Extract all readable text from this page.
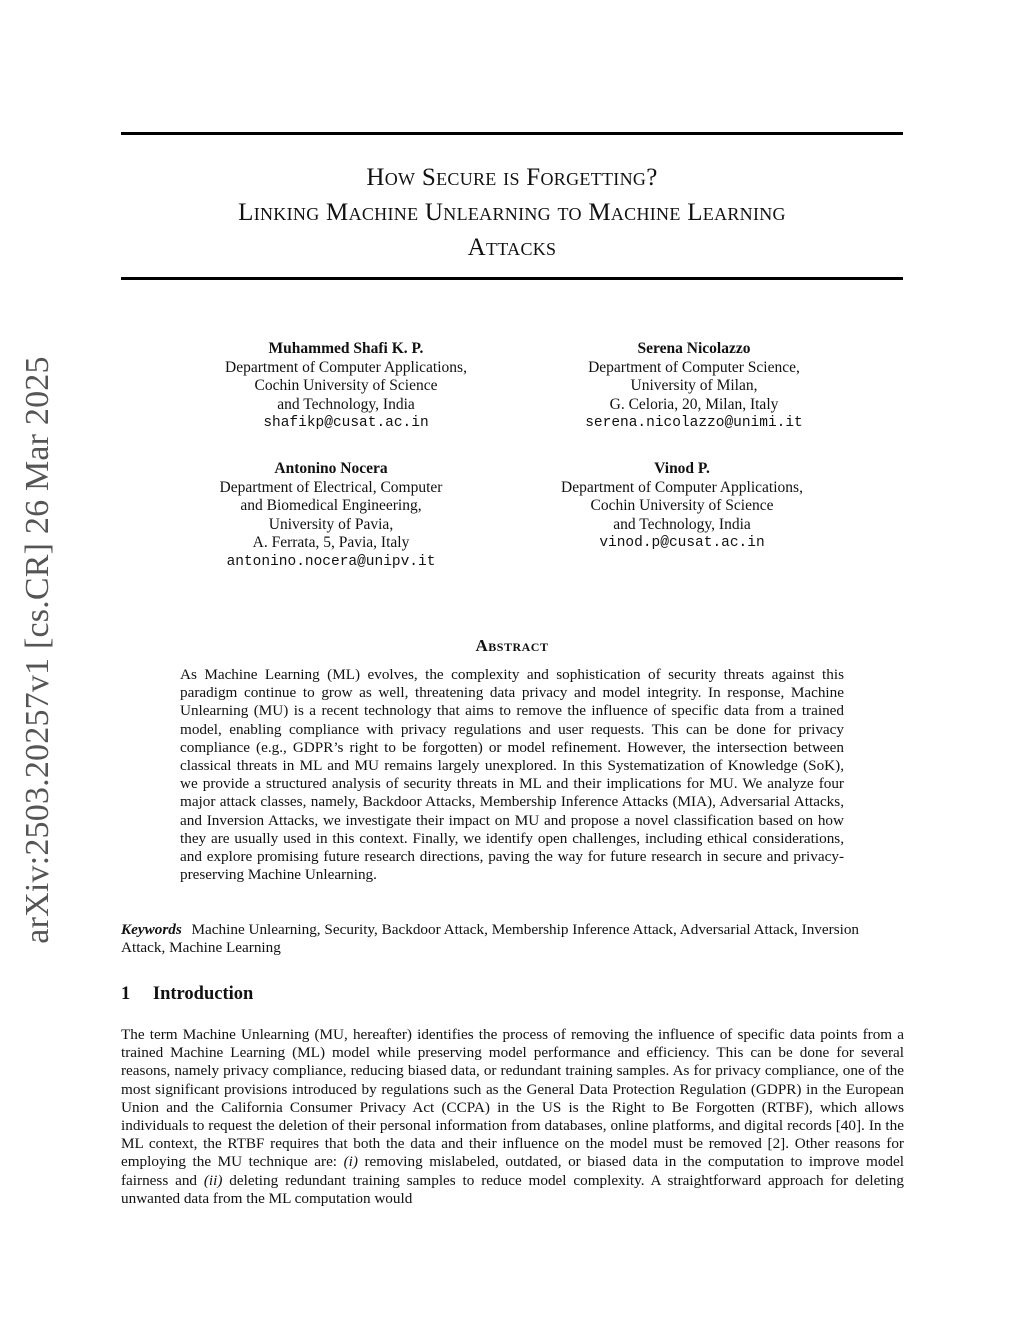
arXiv:2503.20257v1 [cs.CR] 26 Mar 2025
How Secure is Forgetting?
Linking Machine Unlearning to Machine Learning
Attacks
Muhammed Shafi K. P.
Department of Computer Applications,
Cochin University of Science
and Technology, India
shafikp@cusat.ac.in
Serena Nicolazzo
Department of Computer Science,
University of Milan,
G. Celoria, 20, Milan, Italy
serena.nicolazzo@unimi.it
Antonino Nocera
Department of Electrical, Computer
and Biomedical Engineering,
University of Pavia,
A. Ferrata, 5, Pavia, Italy
antonino.nocera@unipv.it
Vinod P.
Department of Computer Applications,
Cochin University of Science
and Technology, India
vinod.p@cusat.ac.in
Abstract
As Machine Learning (ML) evolves, the complexity and sophistication of security threats against this paradigm continue to grow as well, threatening data privacy and model integrity. In response, Machine Unlearning (MU) is a recent technology that aims to remove the influence of specific data from a trained model, enabling compliance with privacy regulations and user requests. This can be done for privacy compliance (e.g., GDPR’s right to be forgotten) or model refinement. However, the intersection between classical threats in ML and MU remains largely unexplored. In this Systematization of Knowledge (SoK), we provide a structured analysis of security threats in ML and their implications for MU. We analyze four major attack classes, namely, Backdoor Attacks, Membership Inference Attacks (MIA), Adversarial Attacks, and Inversion Attacks, we investigate their impact on MU and propose a novel classification based on how they are usually used in this context. Finally, we identify open challenges, including ethical considerations, and explore promising future research directions, paving the way for future research in secure and privacy-preserving Machine Unlearning.
Keywords Machine Unlearning, Security, Backdoor Attack, Membership Inference Attack, Adversarial Attack, Inversion Attack, Machine Learning
1 Introduction
The term Machine Unlearning (MU, hereafter) identifies the process of removing the influence of specific data points from a trained Machine Learning (ML) model while preserving model performance and efficiency. This can be done for several reasons, namely privacy compliance, reducing biased data, or redundant training samples. As for privacy compliance, one of the most significant provisions introduced by regulations such as the General Data Protection Regulation (GDPR) in the European Union and the California Consumer Privacy Act (CCPA) in the US is the Right to Be Forgotten (RTBF), which allows individuals to request the deletion of their personal information from databases, online platforms, and digital records [40]. In the ML context, the RTBF requires that both the data and their influence on the model must be removed [2]. Other reasons for employing the MU technique are: (i) removing mislabeled, outdated, or biased data in the computation to improve model fairness and (ii) deleting redundant training samples to reduce model complexity. A straightforward approach for deleting unwanted data from the ML computation would
